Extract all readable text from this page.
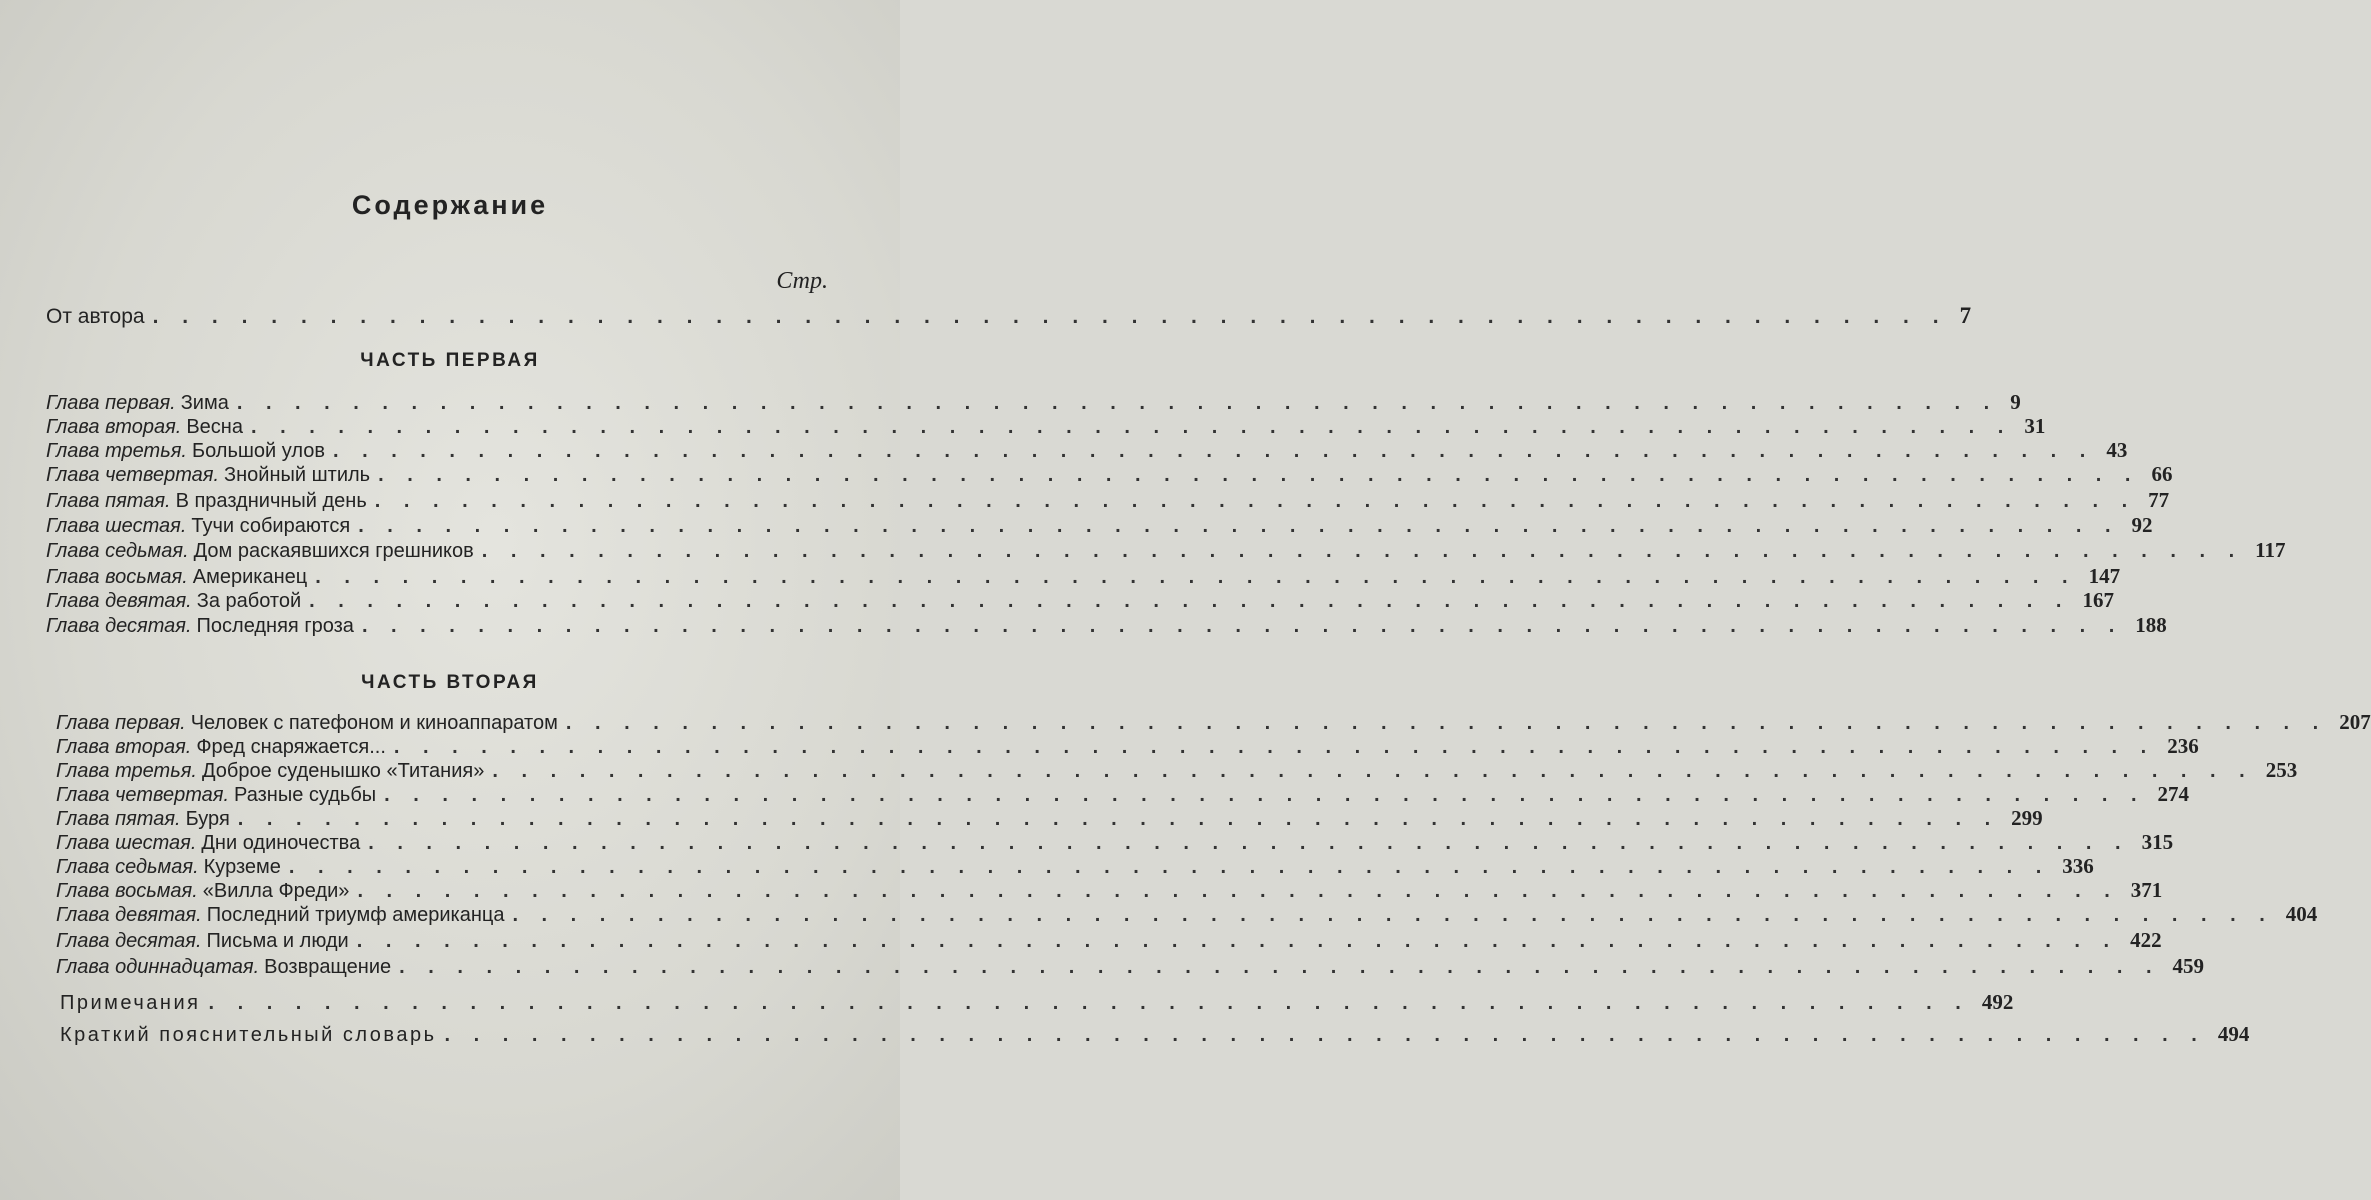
Содержание
Стр.
От автора . . . . . . . . . . . . . . . . . . . . . . . . . . . . . . . . . . . . . . . . . . . . . . . . . . . . . . . . . . . . . 7
ЧАСТЬ ПЕРВАЯ
Глава первая. Зима . . . . . . . . . . . . . . . . . . . . . . . . . . . . . . . . . . . . . . . . . . . . . . . . . . . . . . . . . . . . . 9
Глава вторая. Весна . . . . . . . . . . . . . . . . . . . . . . . . . . . . . . . . . . . . . . . . . . . . . . . . . . . . . . . . . . . . . 31
Глава третья. Большой улов . . . . . . . . . . . . . . . . . . . . . . . . . . . . . . . . . . . . . . . . . . . . . . . . . . . . . . . . . . . . . 43
Глава четвертая. Знойный штиль . . . . . . . . . . . . . . . . . . . . . . . . . . . . . . . . . . . . . . . . . . . . . . . . . . . . . . . . . . . . . 66
Глава пятая. В праздничный день . . . . . . . . . . . . . . . . . . . . . . . . . . . . . . . . . . . . . . . . . . . . . . . . . . . . . . . . . . . . . 77
Глава шестая. Тучи собираются . . . . . . . . . . . . . . . . . . . . . . . . . . . . . . . . . . . . . . . . . . . . . . . . . . . . . . . . . . . . . 92
Глава седьмая. Дом раскаявшихся грешников . . . . . . . . . . . . . . . . . . . . . . . . . . . . . . . . . . . . . . . . . . . . . . . . . . . . . . . . . . . . . 117
Глава восьмая. Американец . . . . . . . . . . . . . . . . . . . . . . . . . . . . . . . . . . . . . . . . . . . . . . . . . . . . . . . . . . . . . 147
Глава девятая. За работой . . . . . . . . . . . . . . . . . . . . . . . . . . . . . . . . . . . . . . . . . . . . . . . . . . . . . . . . . . . . . 167
Глава десятая. Последняя гроза . . . . . . . . . . . . . . . . . . . . . . . . . . . . . . . . . . . . . . . . . . . . . . . . . . . . . . . . . . . . . 188
ЧАСТЬ ВТОРАЯ
Глава первая. Человек с патефоном и киноаппаратом . . . . . . . . . . . . . . . . . . . . . . . . . . . . . . . . . . . . . . . . . . . . . . . . . . . . . . . . . . . . . 207
Глава вторая. Фред снаряжается... . . . . . . . . . . . . . . . . . . . . . . . . . . . . . . . . . . . . . . . . . . . . . . . . . . . . . . . . . . . . . 236
Глава третья. Доброе суденышко «Титания» . . . . . . . . . . . . . . . . . . . . . . . . . . . . . . . . . . . . . . . . . . . . . . . . . . . . . . . . . . . . . 253
Глава четвертая. Разные судьбы . . . . . . . . . . . . . . . . . . . . . . . . . . . . . . . . . . . . . . . . . . . . . . . . . . . . . . . . . . . . . 274
Глава пятая. Буря . . . . . . . . . . . . . . . . . . . . . . . . . . . . . . . . . . . . . . . . . . . . . . . . . . . . . . . . . . . . . 299
Глава шестая. Дни одиночества . . . . . . . . . . . . . . . . . . . . . . . . . . . . . . . . . . . . . . . . . . . . . . . . . . . . . . . . . . . . . 315
Глава седьмая. Курземе . . . . . . . . . . . . . . . . . . . . . . . . . . . . . . . . . . . . . . . . . . . . . . . . . . . . . . . . . . . . . 336
Глава восьмая. «Вилла Фреди» . . . . . . . . . . . . . . . . . . . . . . . . . . . . . . . . . . . . . . . . . . . . . . . . . . . . . . . . . . . . . 371
Глава девятая. Последний триумф американца . . . . . . . . . . . . . . . . . . . . . . . . . . . . . . . . . . . . . . . . . . . . . . . . . . . . . . . . . . . . . 404
Глава десятая. Письма и люди . . . . . . . . . . . . . . . . . . . . . . . . . . . . . . . . . . . . . . . . . . . . . . . . . . . . . . . . . . . . . 422
Глава одиннадцатая. Возвращение . . . . . . . . . . . . . . . . . . . . . . . . . . . . . . . . . . . . . . . . . . . . . . . . . . . . . . . . . . . . . 459
Примечания . . . . . . . . . . . . . . . . . . . . . . . . . . . . . . . . . . . . . . . . . . . . . . . . . . . . . . . . . . . . . 492
Краткий пояснительный словарь . . . . . . . . . . . . . . . . . . . . . . . . . . . . . . . . . . . . . . . . . . . . . . . . . . . . . . . . . . . . . 494
